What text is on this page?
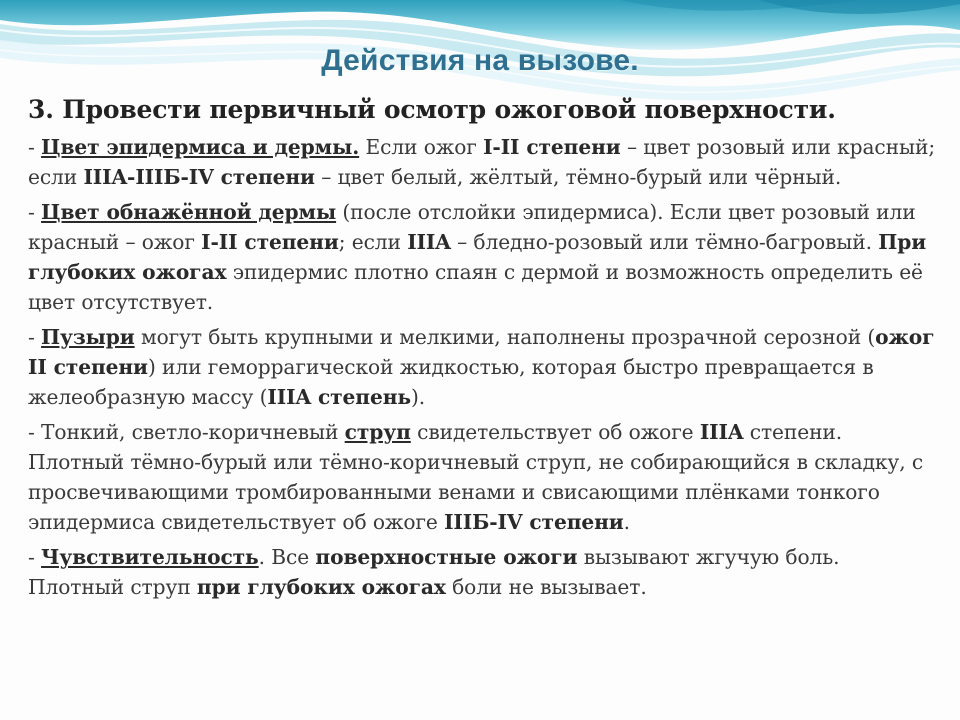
Действия на вызове.
3. Провести первичный осмотр ожоговой поверхности.
- Цвет эпидермиса и дермы. Если ожог I-II степени – цвет розовый или красный; если IIIA-IIIБ-IV степени – цвет белый, жёлтый, тёмно-бурый или чёрный.
- Цвет обнажённой дермы (после отслойки эпидермиса). Если цвет розовый или красный – ожог I-II степени; если IIIA – бледно-розовый или тёмно-багровый. При глубоких ожогах эпидермис плотно спаян с дермой и возможность определить её цвет отсутствует.
- Пузыри могут быть крупными и мелкими, наполнены прозрачной серозной (ожог II степени) или геморрагической жидкостью, которая быстро превращается в желеобразную массу (IIIA степень).
- Тонкий, светло-коричневый струп свидетельствует об ожоге IIIA степени. Плотный тёмно-бурый или тёмно-коричневый струп, не собирающийся в складку, с просвечивающими тромбированными венами и свисающими плёнками тонкого эпидермиса свидетельствует об ожоге IIIБ-IV степени.
- Чувствительность. Все поверхностные ожоги вызывают жгучую боль. Плотный струп при глубоких ожогах боли не вызывает.
